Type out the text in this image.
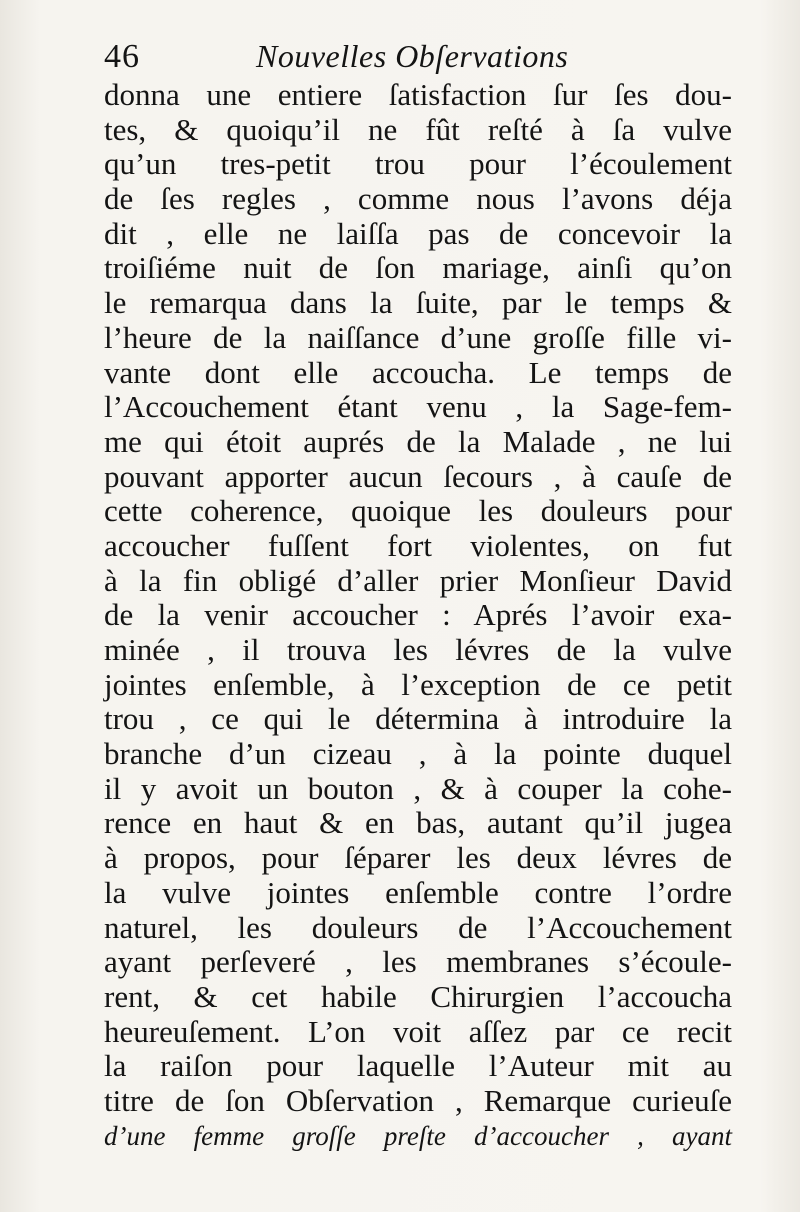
46	Nouvelles Obſervations
donna une entiere ſatisfaction ſur ſes dou-
tes, & quoiqu’il ne fût reſté à ſa vulve
qu’un tres-petit trou pour l’écoulement
de ſes regles , comme nous l’avons déja
dit , elle ne laiſſa pas de concevoir la
troiſiéme nuit de ſon mariage, ainſi qu’on
le remarqua dans la ſuite, par le temps &
l’heure de la naiſſance d’une groſſe fille vi-
vante dont elle accoucha. Le temps de
l’Accouchement étant venu , la Sage-fem-
me qui étoit auprés de la Malade , ne lui
pouvant apporter aucun ſecours , à cauſe de
cette coherence, quoique les douleurs pour
accoucher fuſſent fort violentes, on fut
à la fin obligé d’aller prier Monſieur David
de la venir accoucher : Aprés l’avoir exa-
minée , il trouva les lévres de la vulve
jointes enſemble, à l’exception de ce petit
trou , ce qui le détermina à introduire la
branche d’un cizeau , à la pointe duquel
il y avoit un bouton , & à couper la cohe-
rence en haut & en bas, autant qu’il jugea
à propos, pour ſéparer les deux lévres de
la vulve jointes enſemble contre l’ordre
naturel, les douleurs de l’Accouchement
ayant perſeveré , les membranes s’écoule-
rent, & cet habile Chirurgien l’accoucha
heureuſement. L’on voit aſſez par ce recit
la raiſon pour laquelle l’Auteur mit au
titre de ſon Obſervation , Remarque curieuſe
d’une femme groſſe preſte d’accoucher , ayant
